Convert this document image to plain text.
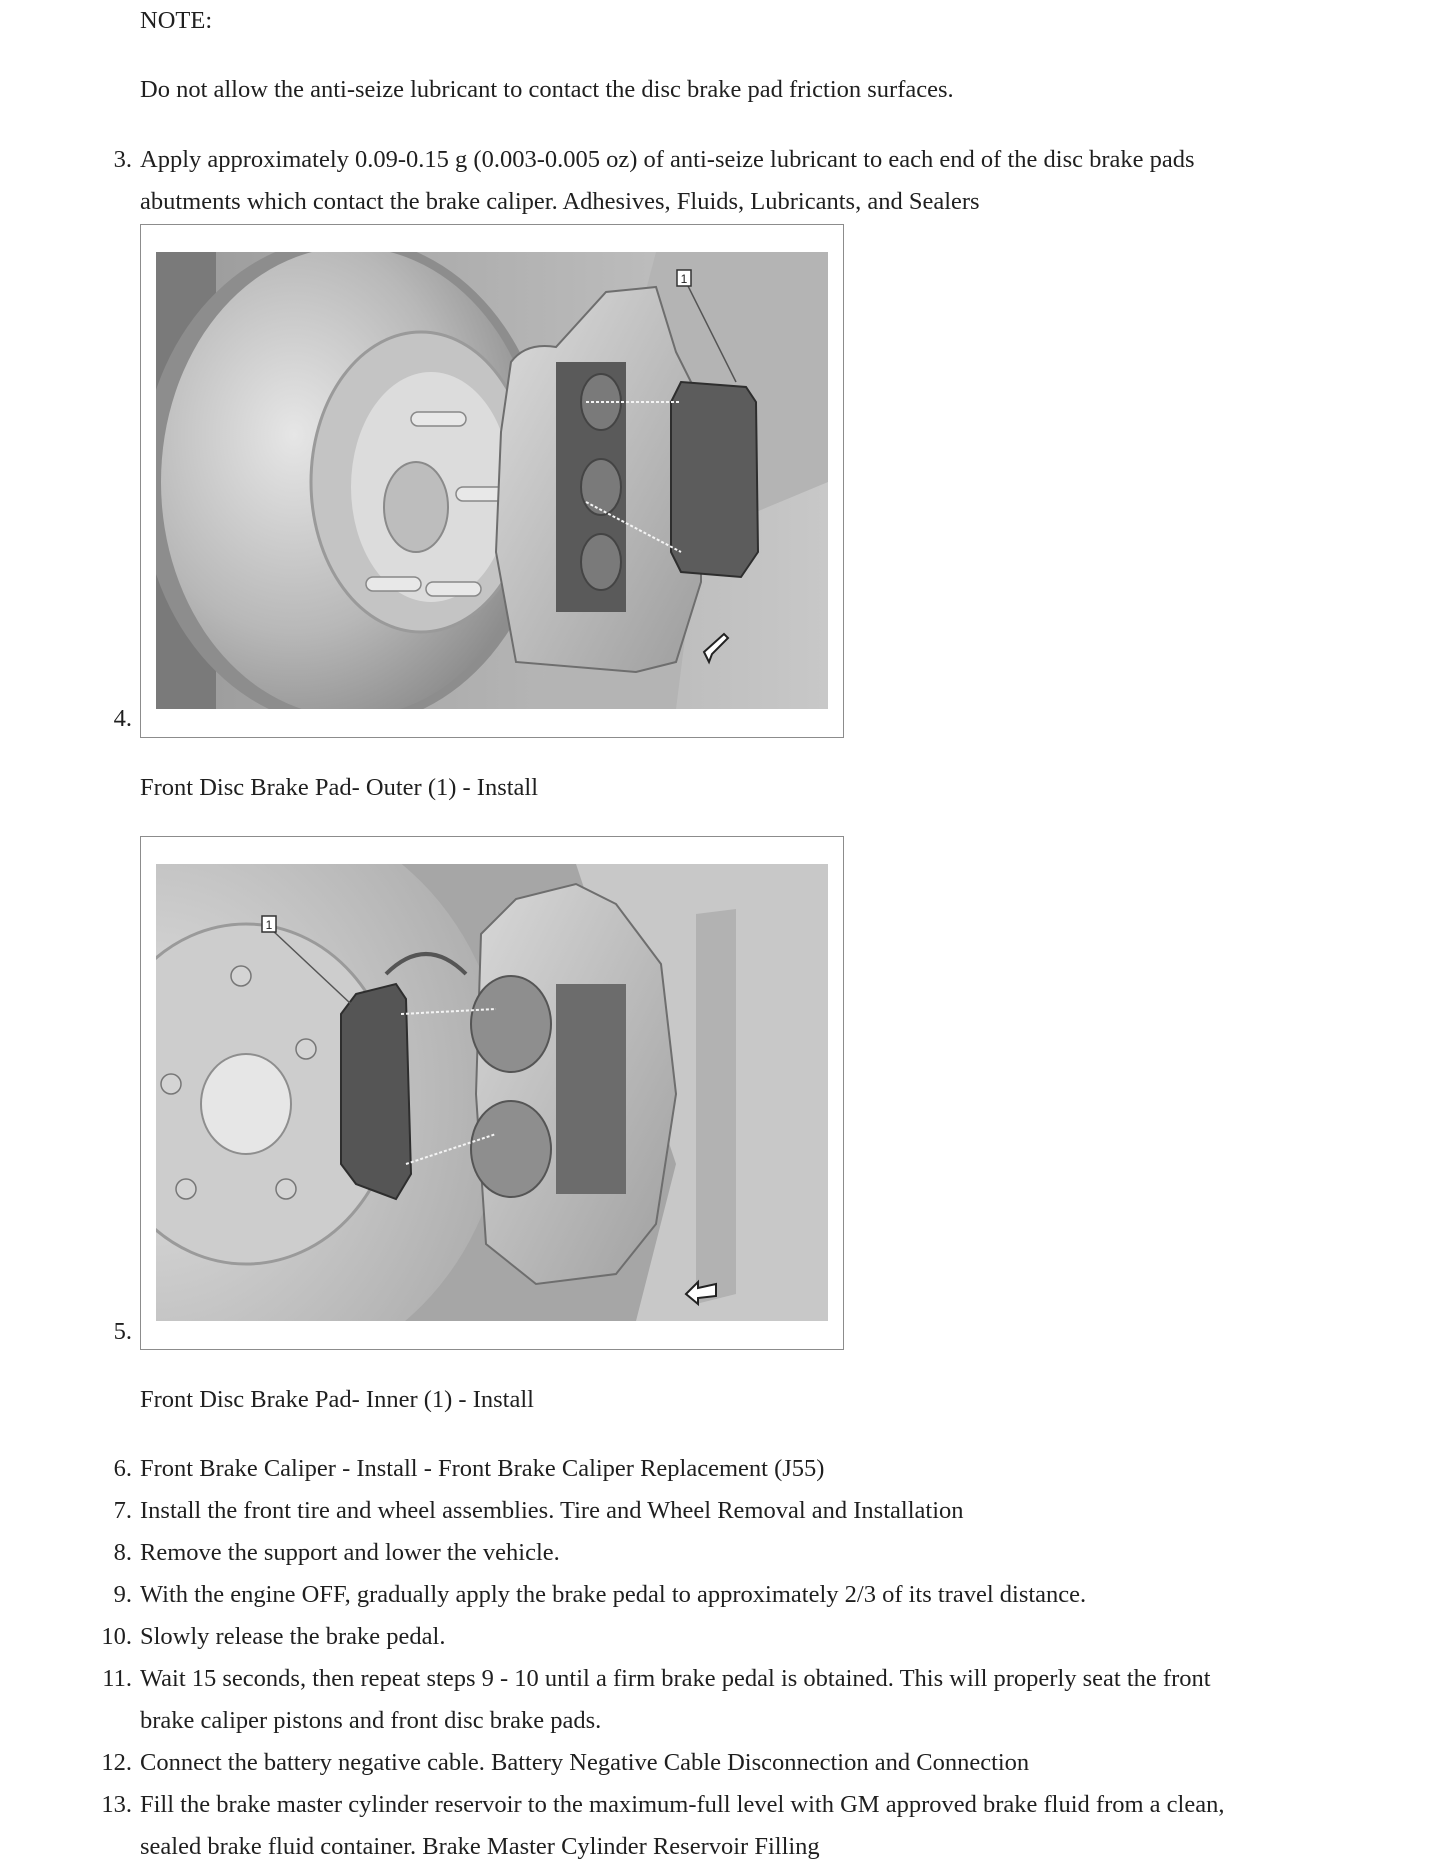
NOTE:
Do not allow the anti-seize lubricant to contact the disc brake pad friction surfaces.
3. Apply approximately 0.09-0.15 g (0.003-0.005 oz) of anti-seize lubricant to each end of the disc brake pads
abutments which contact the brake caliper. Adhesives, Fluids, Lubricants, and Sealers
4.
1
Front Disc Brake Pad- Outer (1) - Install
5.
1
Front Disc Brake Pad- Inner (1) - Install
6. Front Brake Caliper - Install - Front Brake Caliper Replacement (J55)
7. Install the front tire and wheel assemblies. Tire and Wheel Removal and Installation
8. Remove the support and lower the vehicle.
9. With the engine OFF, gradually apply the brake pedal to approximately 2/3 of its travel distance.
10. Slowly release the brake pedal.
11. Wait 15 seconds, then repeat steps 9 - 10 until a firm brake pedal is obtained. This will properly seat the front
brake caliper pistons and front disc brake pads.
12. Connect the battery negative cable. Battery Negative Cable Disconnection and Connection
13. Fill the brake master cylinder reservoir to the maximum-full level with GM approved brake fluid from a clean,
sealed brake fluid container. Brake Master Cylinder Reservoir Filling
